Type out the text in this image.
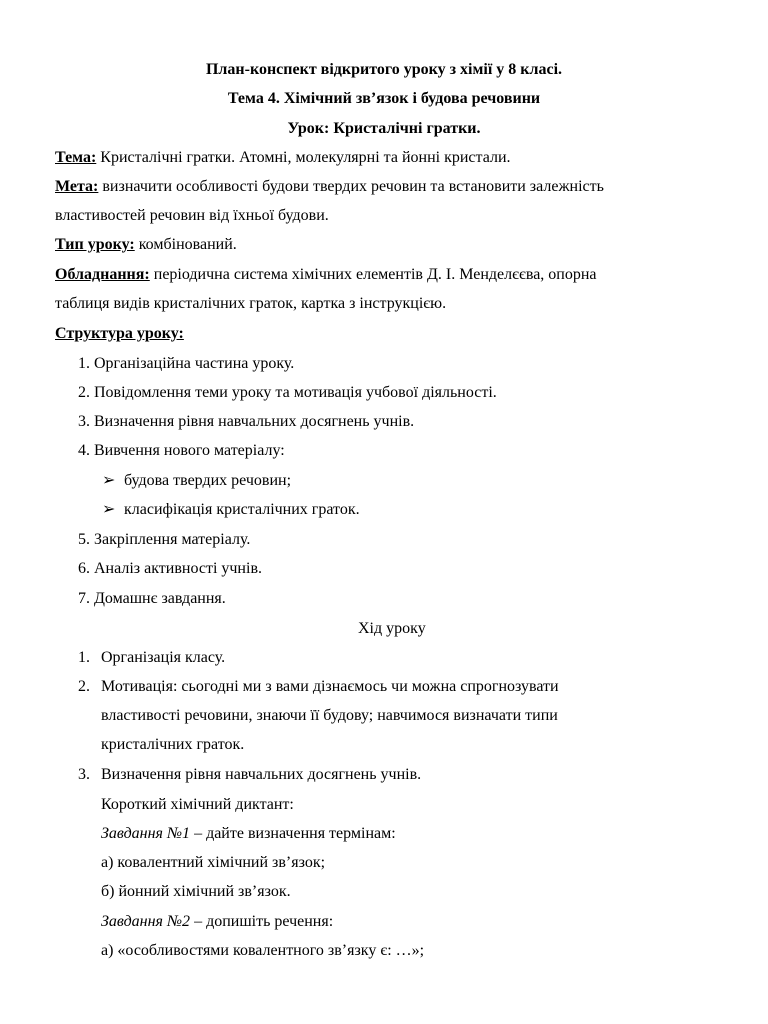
План-конспект відкритого уроку з хімії у 8 класі.
Тема 4. Хімічний зв’язок і будова речовини
Урок: Кристалічні гратки.
Тема: Кристалічні гратки. Атомні, молекулярні та йонні кристали.
Мета: визначити особливості будови твердих речовин та встановити залежність
властивостей речовин від їхньої будови.
Тип уроку: комбінований.
Обладнання: періодична система хімічних елементів Д. І. Менделєєва, опорна
таблиця видів кристалічних граток, картка з інструкцією.
Структура уроку:
1. Організаційна частина уроку.
2. Повідомлення теми уроку та мотивація учбової діяльності.
3. Визначення рівня навчальних досягнень учнів.
4. Вивчення нового матеріалу:
➢ будова твердих речовин;
➢ класифікація кристалічних граток.
5. Закріплення матеріалу.
6. Аналіз активності учнів.
7. Домашнє завдання.
Хід уроку
1. Організація класу.
2. Мотивація: сьогодні ми з вами дізнаємось чи можна спрогнозувати
властивості речовини, знаючи її будову; навчимося визначати типи
кристалічних граток.
3. Визначення рівня навчальних досягнень учнів.
Короткий хімічний диктант:
Завдання №1 – дайте визначення термінам:
а) ковалентний хімічний зв’язок;
б) йонний хімічний зв’язок.
Завдання №2 – допишіть речення:
а) «особливостями ковалентного зв’язку є: …»;
